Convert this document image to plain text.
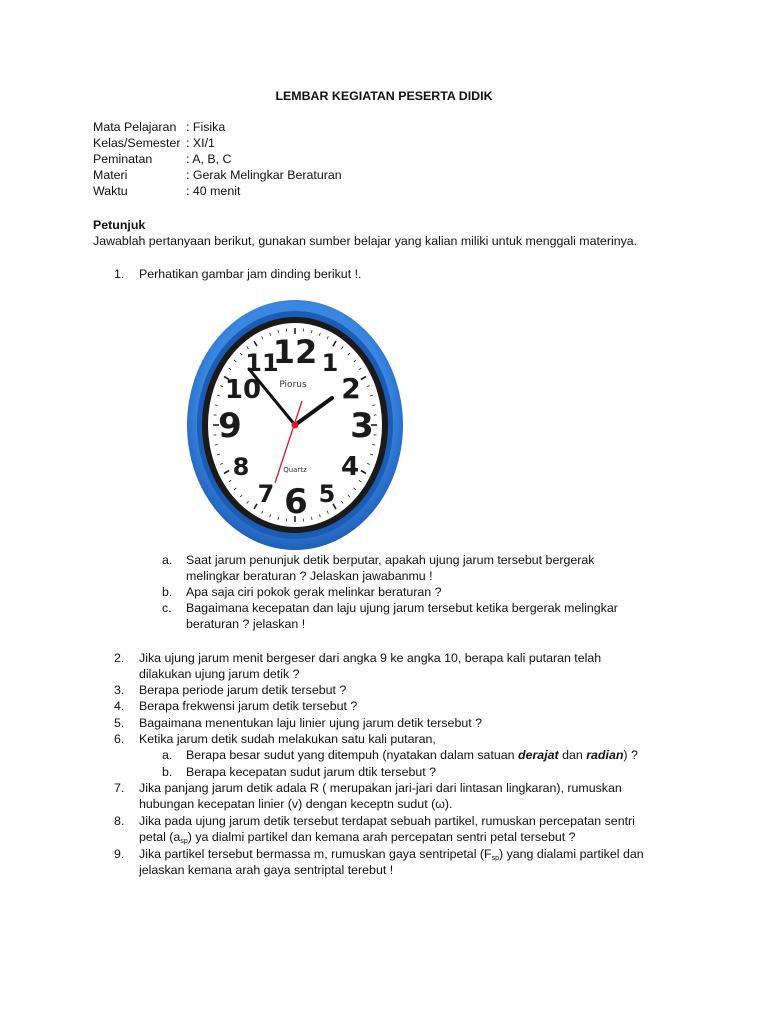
LEMBAR KEGIATAN PESERTA DIDIK
Mata Pelajaran : Fisika
Kelas/Semester : XI/1
Peminatan	: A, B, C
Materi	: Gerak Melingkar Beraturan
Waktu	: 40 menit
Petunjuk
Jawablah pertanyaan berikut, gunakan sumber belajar yang kalian miliki untuk menggali materinya.
1.	Perhatikan gambar jam dinding berikut !.
12 1
2
3
4
5
6
7
8
9
10
11
Piorus
Quartz
a.	Saat jarum penunjuk detik berputar, apakah ujung jarum tersebut bergerak
melingkar beraturan ? Jelaskan jawabanmu !
b.	Apa saja ciri pokok gerak melinkar beraturan ?
c.	Bagaimana kecepatan dan laju ujung jarum tersebut ketika bergerak melingkar
beraturan ? jelaskan !
2.	Jika ujung jarum menit bergeser dari angka 9 ke angka 10, berapa kali putaran telah
dilakukan ujung jarum detik ?
3.	Berapa periode jarum detik tersebut ?
4.	Berapa frekwensi jarum detik tersebut ?
5.	Bagaimana menentukan laju linier ujung jarum detik tersebut ?
6.	Ketika jarum detik sudah melakukan satu kali putaran,
a.	Berapa besar sudut yang ditempuh (nyatakan dalam satuan derajat dan radian) ?
b.	Berapa kecepatan sudut jarum dtik tersebut ?
7.	Jika panjang jarum detik adala R ( merupakan jari-jari dari lintasan lingkaran), rumuskan
hubungan kecepatan linier (v) dengan keceptn sudut (ω).
8.	Jika pada ujung jarum detik tersebut terdapat sebuah partikel, rumuskan percepatan sentri
petal $(a_{sp})$ ya dialmi partikel dan kemana arah percepatan sentri petal tersebut ?
9.	Jika partikel tersebut bermassa m, rumuskan gaya sentripetal $(F_{sp})$ yang dialami partikel dan
jelaskan kemana arah gaya sentriptal terebut !
